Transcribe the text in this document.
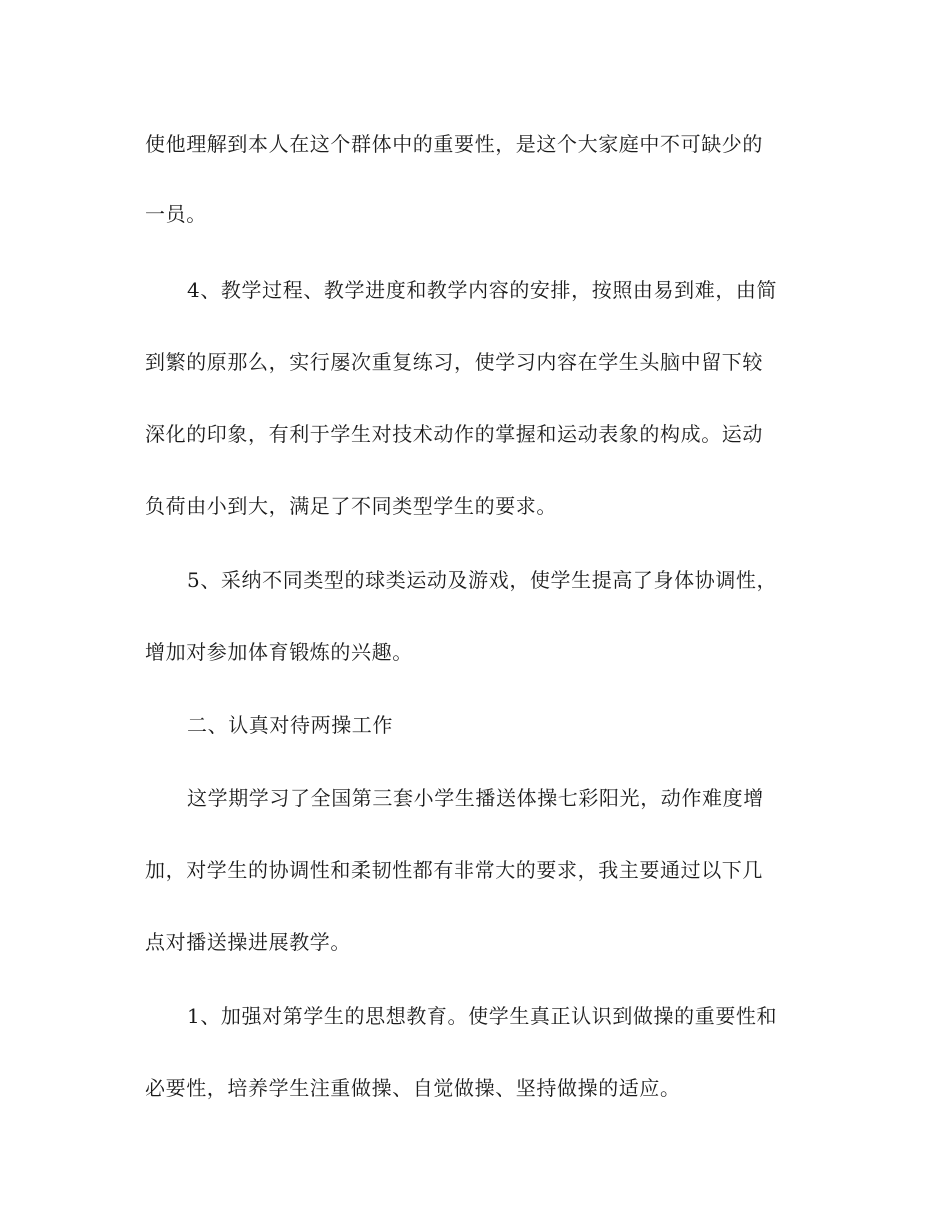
使他理解到本人在这个群体中的重要性，是这个大家庭中不可缺少的
一员。
4、教学过程、教学进度和教学内容的安排，按照由易到难，由简
到繁的原那么，实行屡次重复练习，使学习内容在学生头脑中留下较
深化的印象，有利于学生对技术动作的掌握和运动表象的构成。运动
负荷由小到大，满足了不同类型学生的要求。
5、采纳不同类型的球类运动及游戏，使学生提高了身体协调性，
增加对参加体育锻炼的兴趣。
二、认真对待两操工作
这学期学习了全国第三套小学生播送体操七彩阳光，动作难度增
加，对学生的协调性和柔韧性都有非常大的要求，我主要通过以下几
点对播送操进展教学。
1、加强对第学生的思想教育。使学生真正认识到做操的重要性和
必要性，培养学生注重做操、自觉做操、坚持做操的适应。
